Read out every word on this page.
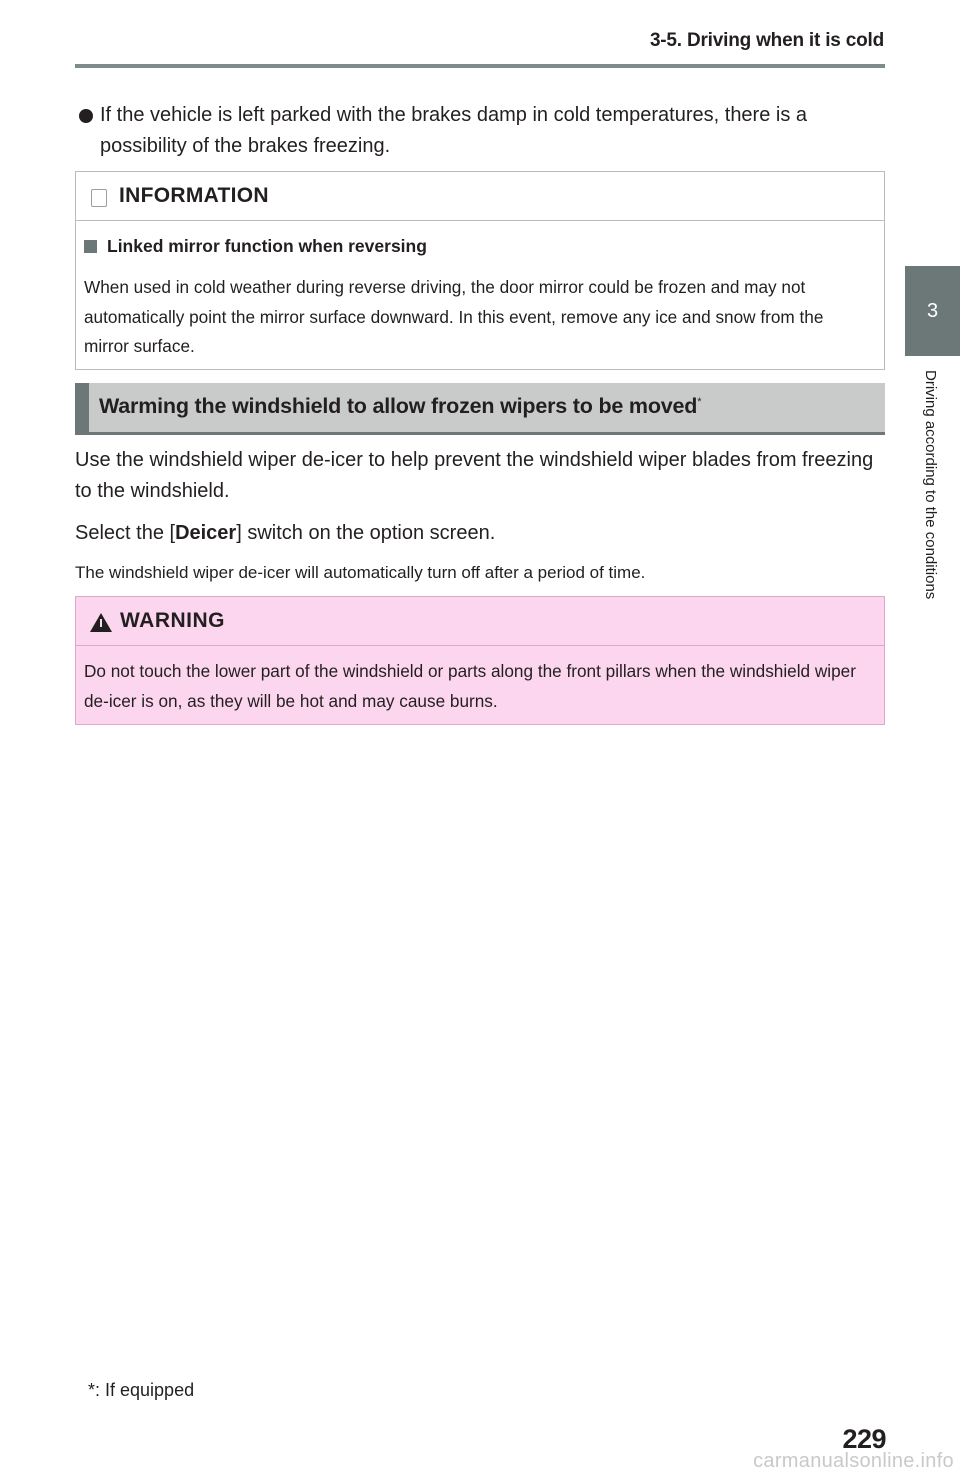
3-5. Driving when it is cold
3
Driving according to the conditions
If the vehicle is left parked with the brakes damp in cold temperatures, there is a possibility of the brakes freezing.
INFORMATION
Linked mirror function when reversing
When used in cold weather during reverse driving, the door mirror could be frozen and may not automatically point the mirror surface downward. In this event, remove any ice and snow from the mirror surface.
Warming the windshield to allow frozen wipers to be moved*
Use the windshield wiper de-icer to help prevent the windshield wiper blades from freezing to the windshield.
Select the [Deicer] switch on the option screen.
The windshield wiper de-icer will automatically turn off after a period of time.
WARNING
Do not touch the lower part of the windshield or parts along the front pillars when the windshield wiper de-icer is on, as they will be hot and may cause burns.
*: If equipped
229
carmanualsonline.info
